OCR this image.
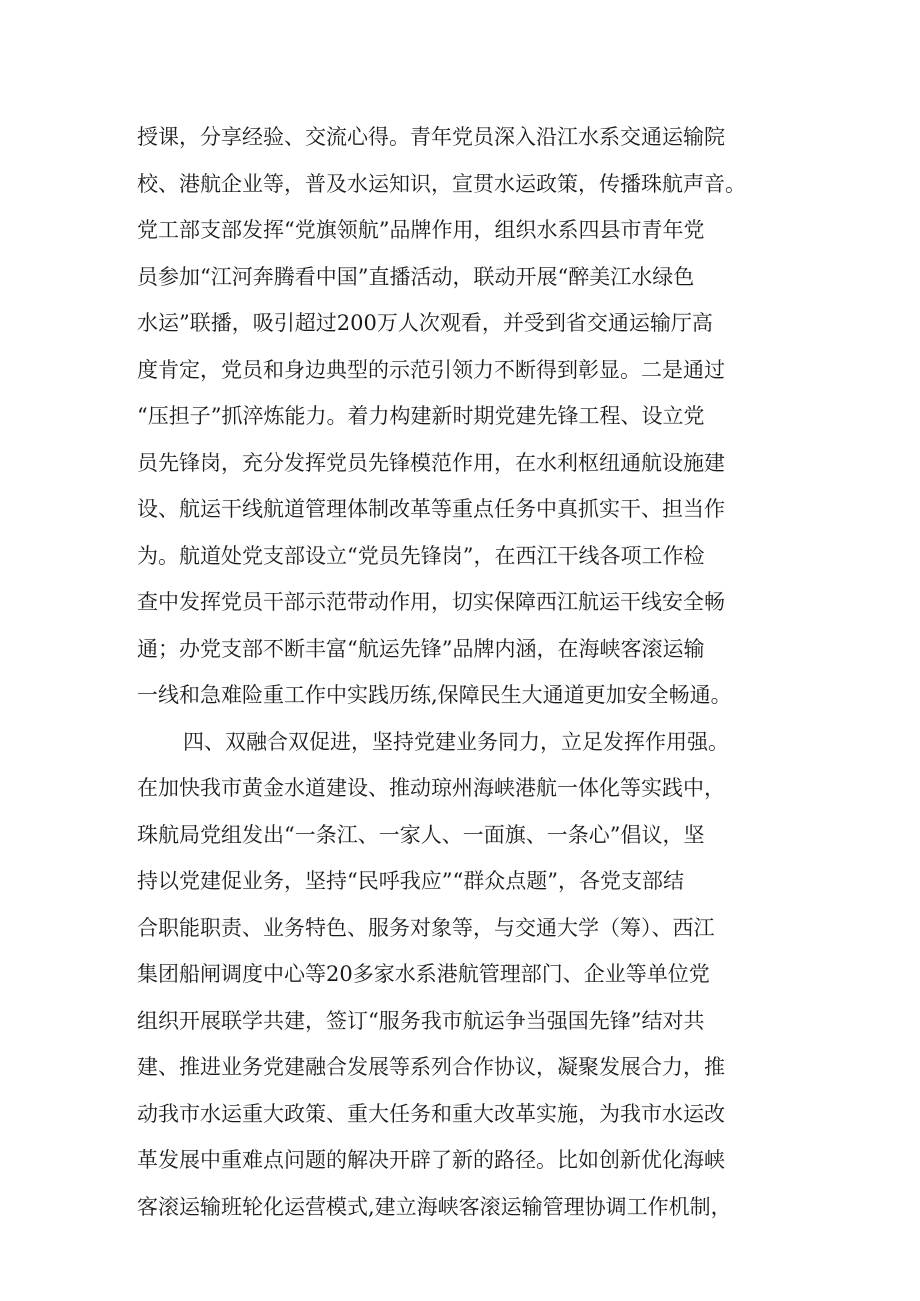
授课，分享经验、交流心得。青年党员深入沿江水系交通运输院
校、港航企业等，普及水运知识，宣贯水运政策，传播珠航声音。
党工部支部发挥“党旗领航”品牌作用，组织水系四县市青年党
员参加“江河奔腾看中国”直播活动，联动开展“醉美江水绿色
水运”联播，吸引超过200万人次观看，并受到省交通运输厅高
度肯定，党员和身边典型的示范引领力不断得到彰显。二是通过
“压担子”抓淬炼能力。着力构建新时期党建先锋工程、设立党
员先锋岗，充分发挥党员先锋模范作用，在水利枢纽通航设施建
设、航运干线航道管理体制改革等重点任务中真抓实干、担当作
为。航道处党支部设立“党员先锋岗”，在西江干线各项工作检
查中发挥党员干部示范带动作用，切实保障西江航运干线安全畅
通；办党支部不断丰富“航运先锋”品牌内涵，在海峡客滚运输
一线和急难险重工作中实践历练,保障民生大通道更加安全畅通。
四、双融合双促进，坚持党建业务同力，立足发挥作用强。
在加快我市黄金水道建设、推动琼州海峡港航一体化等实践中，
珠航局党组发出“一条江、一家人、一面旗、一条心”倡议，坚
持以党建促业务，坚持“民呼我应”“群众点题”，各党支部结
合职能职责、业务特色、服务对象等，与交通大学（筹）、西江
集团船闸调度中心等20多家水系港航管理部门、企业等单位党
组织开展联学共建，签订“服务我市航运争当强国先锋”结对共
建、推进业务党建融合发展等系列合作协议，凝聚发展合力，推
动我市水运重大政策、重大任务和重大改革实施，为我市水运改
革发展中重难点问题的解决开辟了新的路径。比如创新优化海峡
客滚运输班轮化运营模式,建立海峡客滚运输管理协调工作机制，
